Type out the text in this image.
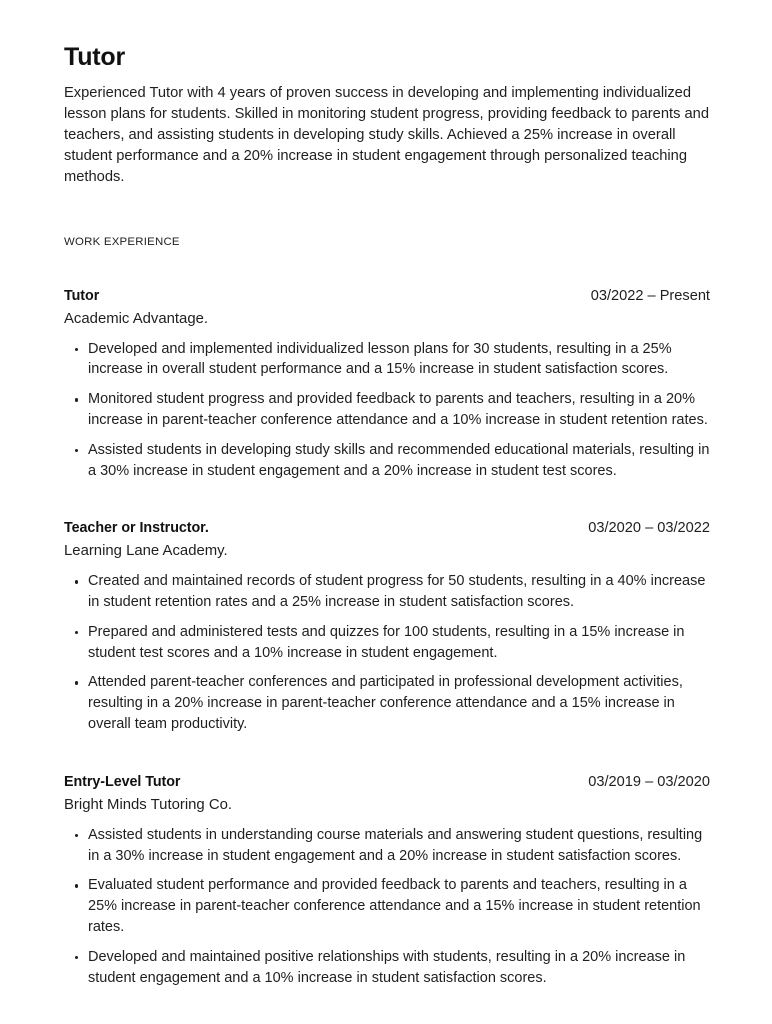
Tutor

Experienced Tutor with 4 years of proven success in developing and implementing individualized lesson plans for students. Skilled in monitoring student progress, providing feedback to parents and teachers, and assisting students in developing study skills. Achieved a 25% increase in overall student performance and a 20% increase in student engagement through personalized teaching methods.

WORK EXPERIENCE
Tutor	03/2022 – Present
Academic Advantage.
Developed and implemented individualized lesson plans for 30 students, resulting in a 25% increase in overall student performance and a 15% increase in student satisfaction scores.
Monitored student progress and provided feedback to parents and teachers, resulting in a 20% increase in parent-teacher conference attendance and a 10% increase in student retention rates.
Assisted students in developing study skills and recommended educational materials, resulting in a 30% increase in student engagement and a 20% increase in student test scores.
Teacher or Instructor.	03/2020 – 03/2022
Learning Lane Academy.
Created and maintained records of student progress for 50 students, resulting in a 40% increase in student retention rates and a 25% increase in student satisfaction scores.
Prepared and administered tests and quizzes for 100 students, resulting in a 15% increase in student test scores and a 10% increase in student engagement.
Attended parent-teacher conferences and participated in professional development activities, resulting in a 20% increase in parent-teacher conference attendance and a 15% increase in overall team productivity.
Entry-Level Tutor	03/2019 – 03/2020
Bright Minds Tutoring Co.
Assisted students in understanding course materials and answering student questions, resulting in a 30% increase in student engagement and a 20% increase in student satisfaction scores.
Evaluated student performance and provided feedback to parents and teachers, resulting in a 25% increase in parent-teacher conference attendance and a 15% increase in student retention rates.
Developed and maintained positive relationships with students, resulting in a 20% increase in student engagement and a 10% increase in student satisfaction scores.
